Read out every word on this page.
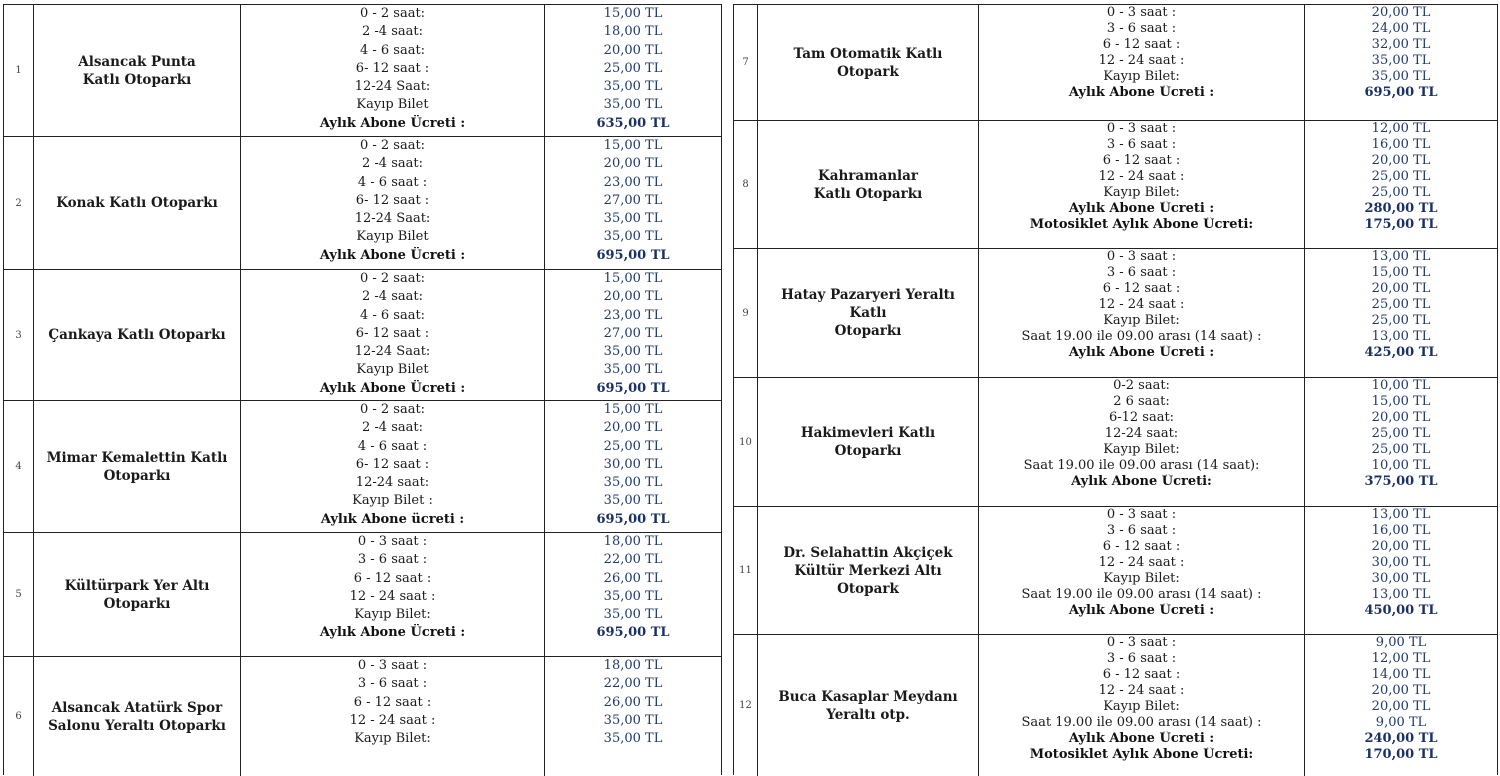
1
Alsancak Punta
Katlı Otoparkı
0 - 2 saat:
2 -4 saat:
4 - 6 saat:
6- 12 saat :
12-24 Saat:
Kayıp Bilet
Aylık Abone Ücreti :
15,00 TL
18,00 TL
20,00 TL
25,00 TL
35,00 TL
35,00 TL
635,00 TL
2	Konak Katlı Otoparkı
0 - 2 saat:
2 -4 saat:
4 - 6 saat :
6- 12 saat :
12-24 Saat:
Kayıp Bilet
Aylık Abone Ücreti :
15,00 TL
20,00 TL
23,00 TL
27,00 TL
35,00 TL
35,00 TL
695,00 TL
3	Çankaya Katlı Otoparkı
0 - 2 saat:
2 -4 saat:
4 - 6 saat:
6- 12 saat :
12-24 Saat:
Kayıp Bilet
Aylık Abone Ücreti :
15,00 TL
20,00 TL
23,00 TL
27,00 TL
35,00 TL
35,00 TL
695,00 TL
4
Mimar Kemalettin Katlı
Otoparkı
0 - 2 saat:
2 -4 saat:
4 - 6 saat :
6- 12 saat :
12-24 saat:
Kayıp Bilet :
Aylık Abone ücreti :
15,00 TL
20,00 TL
25,00 TL
30,00 TL
35,00 TL
35,00 TL
695,00 TL
5
Kültürpark Yer Altı
Otoparkı
0 - 3 saat :
3 - 6 saat :
6 - 12 saat :
12 - 24 saat :
Kayıp Bilet:
Aylık Abone Ücreti :
18,00 TL
22,00 TL
26,00 TL
35,00 TL
35,00 TL
695,00 TL
6
Alsancak Atatürk Spor
Salonu Yeraltı Otoparkı
0 - 3 saat :
3 - 6 saat :
6 - 12 saat :
12 - 24 saat :
Kayıp Bilet:
18,00 TL
22,00 TL
26,00 TL
35,00 TL
35,00 TL
7
Tam Otomatik Katlı
Otopark
0 - 3 saat :
3 - 6 saat :
6 - 12 saat :
12 - 24 saat :
Kayıp Bilet:
Aylık Abone Ücreti :
20,00 TL
24,00 TL
32,00 TL
35,00 TL
35,00 TL
695,00 TL
8
Kahramanlar
Katlı Otoparkı
0 - 3 saat :
3 - 6 saat :
6 - 12 saat :
12 - 24 saat :
Kayıp Bilet:
Aylık Abone Ücreti :
Motosiklet Aylık Abone Ücreti:
12,00 TL
16,00 TL
20,00 TL
25,00 TL
25,00 TL
280,00 TL
175,00 TL
9
Hatay Pazaryeri Yeraltı
Katlı
Otoparkı
0 - 3 saat :
3 - 6 saat :
6 - 12 saat :
12 - 24 saat :
Kayıp Bilet:
Saat 19.00 ile 09.00 arası (14 saat) :
Aylık Abone Ücreti :
13,00 TL
15,00 TL
20,00 TL
25,00 TL
25,00 TL
13,00 TL
425,00 TL
10
Hakimevleri Katlı
Otoparkı
0-2 saat:
2 6 saat:
6-12 saat:
12-24 saat:
Kayıp Bilet:
Saat 19.00 ile 09.00 arası (14 saat):
Aylık Abone Ücreti:
10,00 TL
15,00 TL
20,00 TL
25,00 TL
25,00 TL
10,00 TL
375,00 TL
11
Dr. Selahattin Akçiçek
Kültür Merkezi Altı
Otopark
0 - 3 saat :
3 - 6 saat :
6 - 12 saat :
12 - 24 saat :
Kayıp Bilet:
Saat 19.00 ile 09.00 arası (14 saat) :
Aylık Abone Ücreti :
13,00 TL
16,00 TL
20,00 TL
30,00 TL
30,00 TL
13,00 TL
450,00 TL
12
Buca Kasaplar Meydanı
Yeraltı otp.
0 - 3 saat :
3 - 6 saat :
6 - 12 saat :
12 - 24 saat :
Kayıp Bilet:
Saat 19.00 ile 09.00 arası (14 saat) :
Aylık Abone Ücreti :
Motosiklet Aylık Abone Ücreti:
9,00 TL
12,00 TL
14,00 TL
20,00 TL
20,00 TL
9,00 TL
240,00 TL
170,00 TL
